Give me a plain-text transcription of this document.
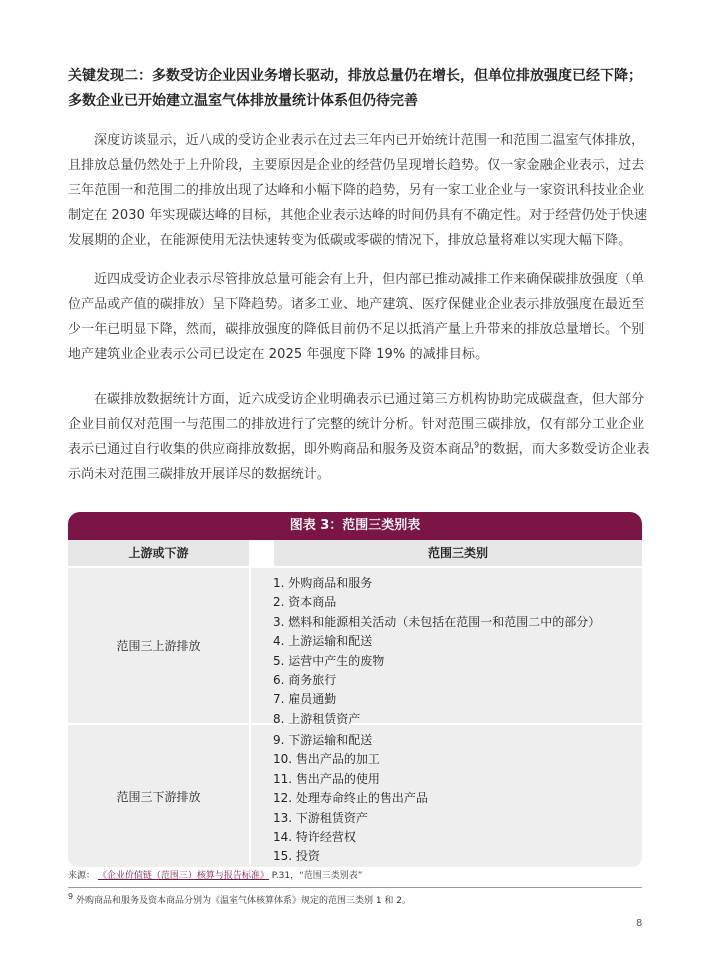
关键发现二：多数受访企业因业务增长驱动，排放总量仍在增长，但单位排放强度已经下降；
多数企业已开始建立温室气体排放量统计体系但仍待完善

深度访谈显示，近八成的受访企业表示在过去三年内已开始统计范围一和范围二温室气体排放，且排放总量仍然处于上升阶段，主要原因是企业的经营仍呈现增长趋势。仅一家金融企业表示，过去三年范围一和范围二的排放出现了达峰和小幅下降的趋势，另有一家工业企业与一家资讯科技业企业制定在 2030 年实现碳达峰的目标，其他企业表示达峰的时间仍具有不确定性。对于经营仍处于快速发展期的企业，在能源使用无法快速转变为低碳或零碳的情况下，排放总量将难以实现大幅下降。

近四成受访企业表示尽管排放总量可能会有上升，但内部已推动减排工作来确保碳排放强度（单位产品或产值的碳排放）呈下降趋势。诸多工业、地产建筑、医疗保健业企业表示排放强度在最近至少一年已明显下降，然而，碳排放强度的降低目前仍不足以抵消产量上升带来的排放总量增长。个别地产建筑业企业表示公司已设定在 2025 年强度下降 19% 的减排目标。

在碳排放数据统计方面，近六成受访企业明确表示已通过第三方机构协助完成碳盘查，但大部分企业目前仅对范围一与范围二的排放进行了完整的统计分析。针对范围三碳排放，仅有部分工业企业表示已通过自行收集的供应商排放数据，即外购商品和服务及资本商品$^9$的数据，而大多数受访企业表示尚未对范围三碳排放开展详尽的数据统计。

图表 3：范围三类别表
上游或下游	范围三类别
范围三上游排放
1. 外购商品和服务
2. 资本商品
3. 燃料和能源相关活动（未包括在范围一和范围二中的部分）
4. 上游运输和配送
5. 运营中产生的废物
6. 商务旅行
7. 雇员通勤
8. 上游租赁资产
范围三下游排放
9. 下游运输和配送
10. 售出产品的加工
11. 售出产品的使用
12. 处理寿命终止的售出产品
13. 下游租赁资产
14. 特许经营权
15. 投资
来源： 《企业价值链（范围三）核算与报告标准》 P.31，“范围三类别表”
$^9$ 外购商品和服务及资本商品分别为《温室气体核算体系》规定的范围三类别 1 和 2。
8
